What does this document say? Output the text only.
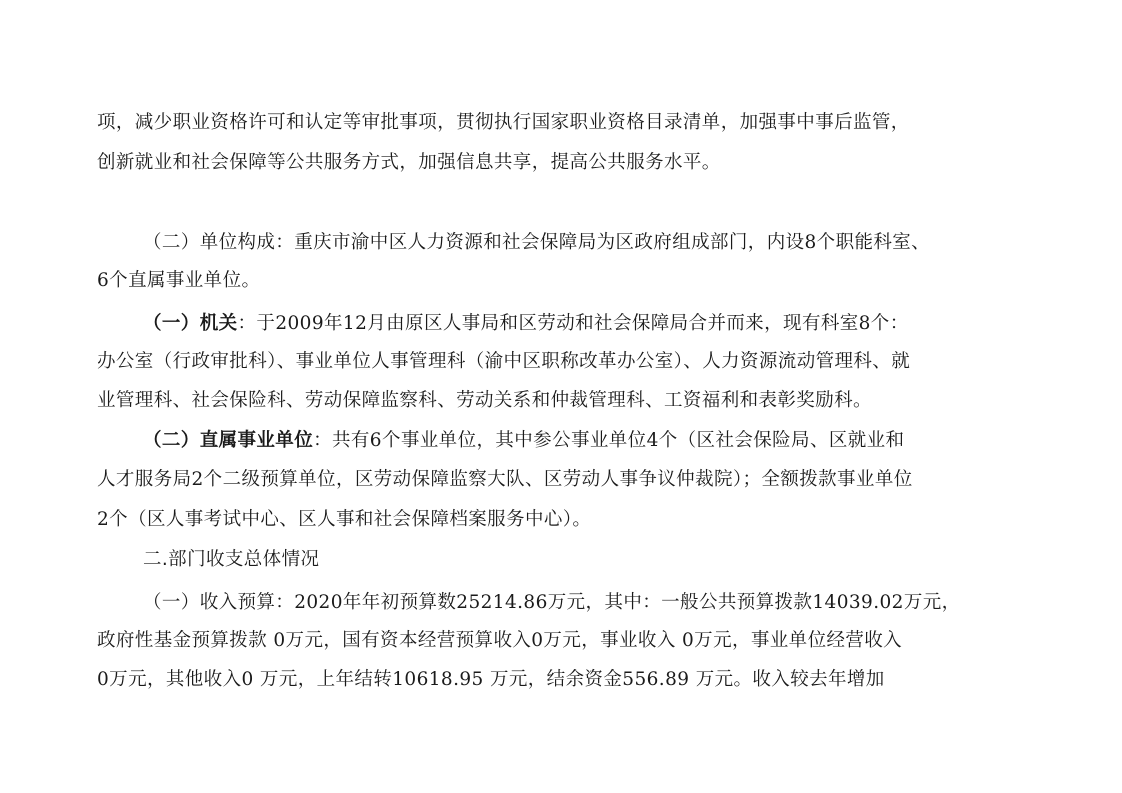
项，减少职业资格许可和认定等审批事项，贯彻执行国家职业资格目录清单，加强事中事后监管，
创新就业和社会保障等公共服务方式，加强信息共享，提高公共服务水平。
（二）单位构成：重庆市渝中区人力资源和社会保障局为区政府组成部门，内设8个职能科室、
6个直属事业单位。
（一）机关：于2009年12月由原区人事局和区劳动和社会保障局合并而来，现有科室8个：
办公室（行政审批科）、事业单位人事管理科（渝中区职称改革办公室）、人力资源流动管理科、就
业管理科、社会保险科、劳动保障监察科、劳动关系和仲裁管理科、工资福利和表彰奖励科。
（二）直属事业单位：共有6个事业单位，其中参公事业单位4个（区社会保险局、区就业和
人才服务局2个二级预算单位，区劳动保障监察大队、区劳动人事争议仲裁院）；全额拨款事业单位
2个（区人事考试中心、区人事和社会保障档案服务中心）。
二.部门收支总体情况
（一）收入预算：2020年年初预算数25214.86万元，其中：一般公共预算拨款14039.02万元，
政府性基金预算拨款 0万元，国有资本经营预算收入0万元，事业收入 0万元，事业单位经营收入
0万元，其他收入0 万元，上年结转10618.95 万元，结余资金556.89 万元。收入较去年增加
